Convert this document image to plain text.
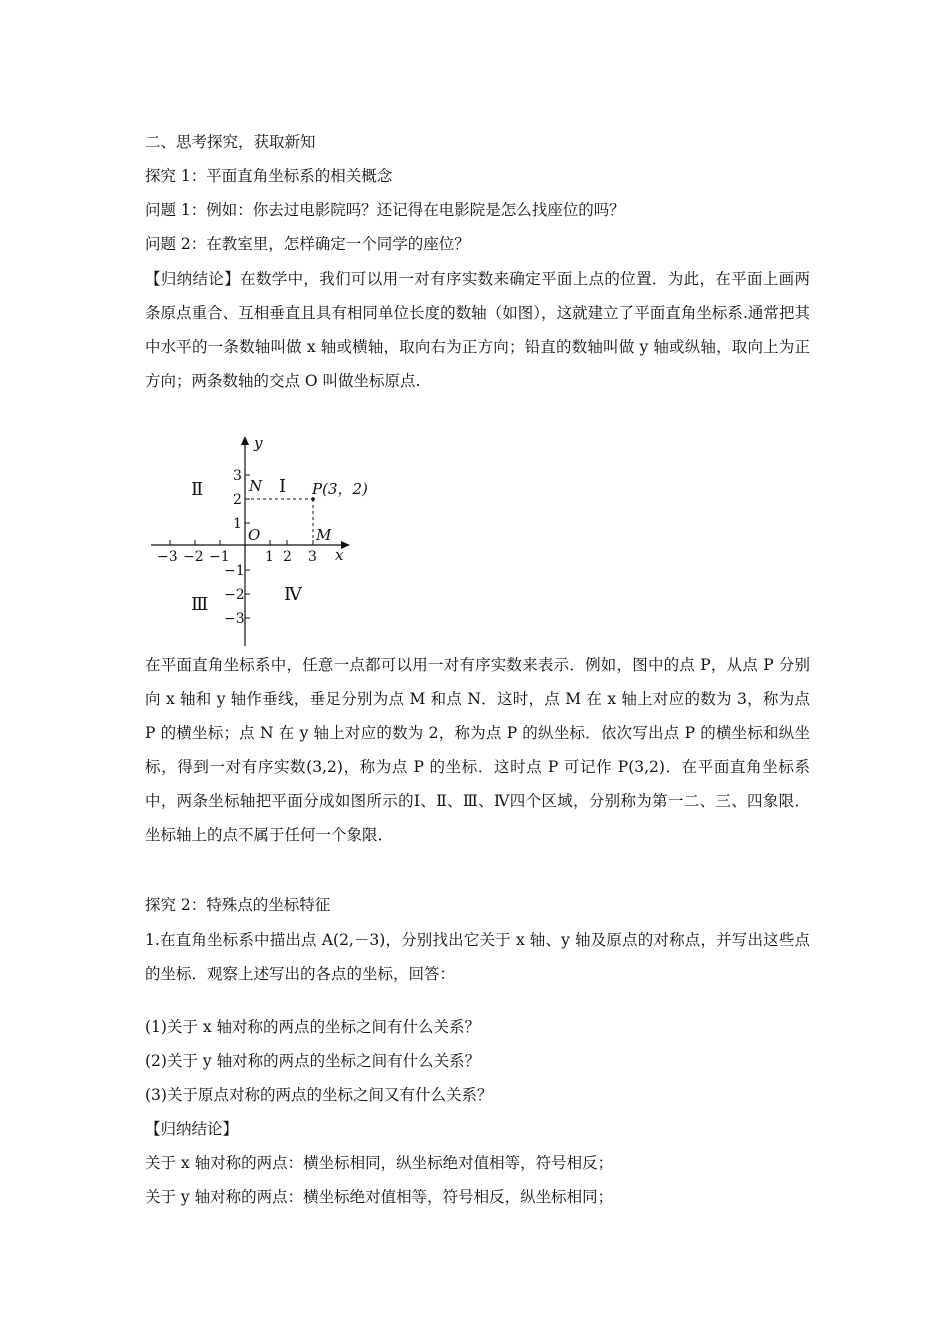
二、思考探究，获取新知
探究 1：平面直角坐标系的相关概念
问题 1：例如：你去过电影院吗？还记得在电影院是怎么找座位的吗？
问题 2：在教室里，怎样确定一个同学的座位？
【归纳结论】在数学中，我们可以用一对有序实数来确定平面上点的位置．为此，在平面上画两条原点重合、互相垂直且具有相同单位长度的数轴（如图），这就建立了平面直角坐标系.通常把其中水平的一条数轴叫做 x 轴或横轴，取向右为正方向；铅直的数轴叫做 y 轴或纵轴，取向上为正方向；两条数轴的交点 O 叫做坐标原点.
y
x
O
−3 −2 −1	1 2 3
3
2
1
−1
−2
−3
N
M
P(3，2)
Ⅱ	Ⅰ
Ⅲ	Ⅳ
在平面直角坐标系中，任意一点都可以用一对有序实数来表示．例如，图中的点 P，从点 P 分别向 x 轴和 y 轴作垂线，垂足分别为点 M 和点 N．这时，点 M 在 x 轴上对应的数为 3，称为点 P 的横坐标；点 N 在 y 轴上对应的数为 2，称为点 P 的纵坐标．依次写出点 P 的横坐标和纵坐标，得到一对有序实数(3,2)，称为点 P 的坐标．这时点 P 可记作 P(3,2)．在平面直角坐标系中，两条坐标轴把平面分成如图所示的Ⅰ、Ⅱ、Ⅲ、Ⅳ四个区域，分别称为第一二、三、四象限．坐标轴上的点不属于任何一个象限．
探究 2：特殊点的坐标特征
1.在直角坐标系中描出点 A(2,－3)，分别找出它关于 x 轴、y 轴及原点的对称点，并写出这些点的坐标．观察上述写出的各点的坐标，回答：
(1)关于 x 轴对称的两点的坐标之间有什么关系？
(2)关于 y 轴对称的两点的坐标之间有什么关系？
(3)关于原点对称的两点的坐标之间又有什么关系？
【归纳结论】
关于 x 轴对称的两点：横坐标相同，纵坐标绝对值相等，符号相反；
关于 y 轴对称的两点：横坐标绝对值相等，符号相反，纵坐标相同；
